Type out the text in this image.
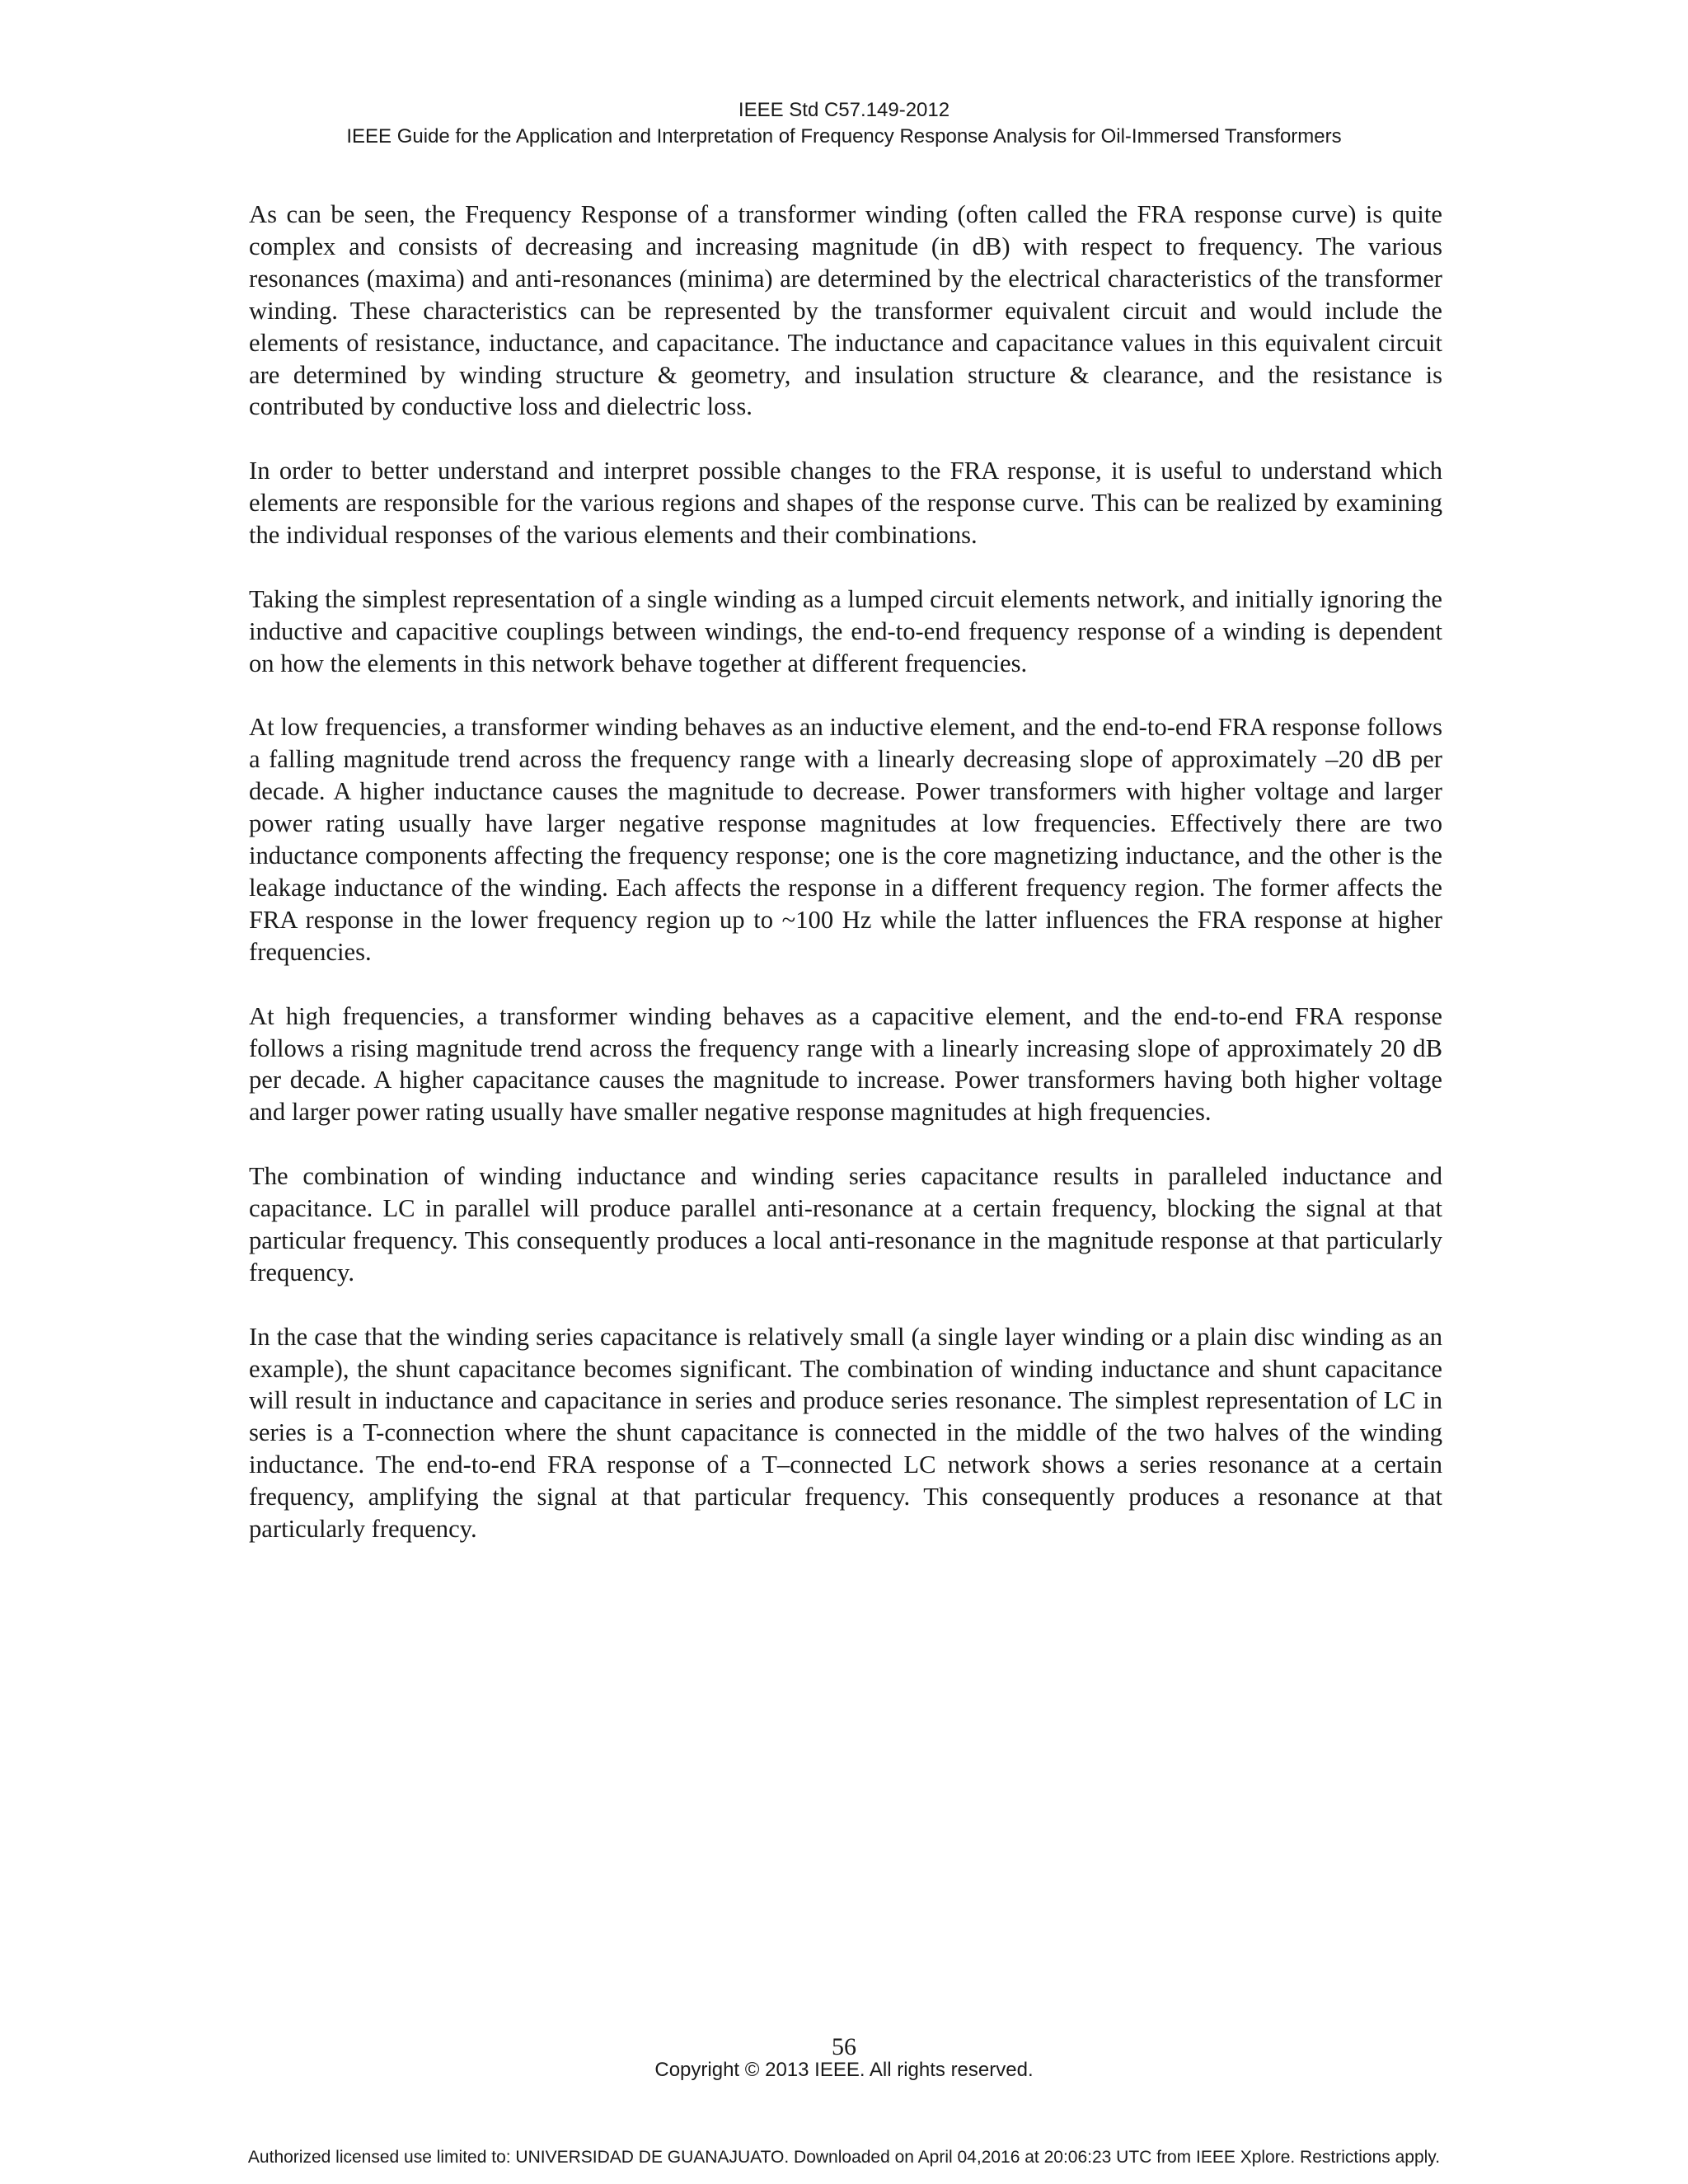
IEEE Std C57.149-2012
IEEE Guide for the Application and Interpretation of Frequency Response Analysis for Oil-Immersed Transformers

As can be seen, the Frequency Response of a transformer winding (often called the FRA response curve) is quite complex and consists of decreasing and increasing magnitude (in dB) with respect to frequency. The various resonances (maxima) and anti-resonances (minima) are determined by the electrical characteristics of the transformer winding. These characteristics can be represented by the transformer equivalent circuit and would include the elements of resistance, inductance, and capacitance. The inductance and capacitance values in this equivalent circuit are determined by winding structure & geometry, and insulation structure & clearance, and the resistance is contributed by conductive loss and dielectric loss.

In order to better understand and interpret possible changes to the FRA response, it is useful to understand which elements are responsible for the various regions and shapes of the response curve. This can be realized by examining the individual responses of the various elements and their combinations.

Taking the simplest representation of a single winding as a lumped circuit elements network, and initially ignoring the inductive and capacitive couplings between windings, the end-to-end frequency response of a winding is dependent on how the elements in this network behave together at different frequencies.

At low frequencies, a transformer winding behaves as an inductive element, and the end-to-end FRA response follows a falling magnitude trend across the frequency range with a linearly decreasing slope of approximately –20 dB per decade. A higher inductance causes the magnitude to decrease. Power transformers with higher voltage and larger power rating usually have larger negative response magnitudes at low frequencies. Effectively there are two inductance components affecting the frequency response; one is the core magnetizing inductance, and the other is the leakage inductance of the winding. Each affects the response in a different frequency region. The former affects the FRA response in the lower frequency region up to ~100 Hz while the latter influences the FRA response at higher frequencies.

At high frequencies, a transformer winding behaves as a capacitive element, and the end-to-end FRA response follows a rising magnitude trend across the frequency range with a linearly increasing slope of approximately 20 dB per decade. A higher capacitance causes the magnitude to increase. Power transformers having both higher voltage and larger power rating usually have smaller negative response magnitudes at high frequencies.

The combination of winding inductance and winding series capacitance results in paralleled inductance and capacitance. LC in parallel will produce parallel anti-resonance at a certain frequency, blocking the signal at that particular frequency. This consequently produces a local anti-resonance in the magnitude response at that particularly frequency.

In the case that the winding series capacitance is relatively small (a single layer winding or a plain disc winding as an example), the shunt capacitance becomes significant. The combination of winding inductance and shunt capacitance will result in inductance and capacitance in series and produce series resonance. The simplest representation of LC in series is a T-connection where the shunt capacitance is connected in the middle of the two halves of the winding inductance. The end-to-end FRA response of a T–connected LC network shows a series resonance at a certain frequency, amplifying the signal at that particular frequency. This consequently produces a resonance at that particularly frequency.

56
Copyright © 2013 IEEE. All rights reserved.
Authorized licensed use limited to: UNIVERSIDAD DE GUANAJUATO. Downloaded on April 04,2016 at 20:06:23 UTC from IEEE Xplore. Restrictions apply.
